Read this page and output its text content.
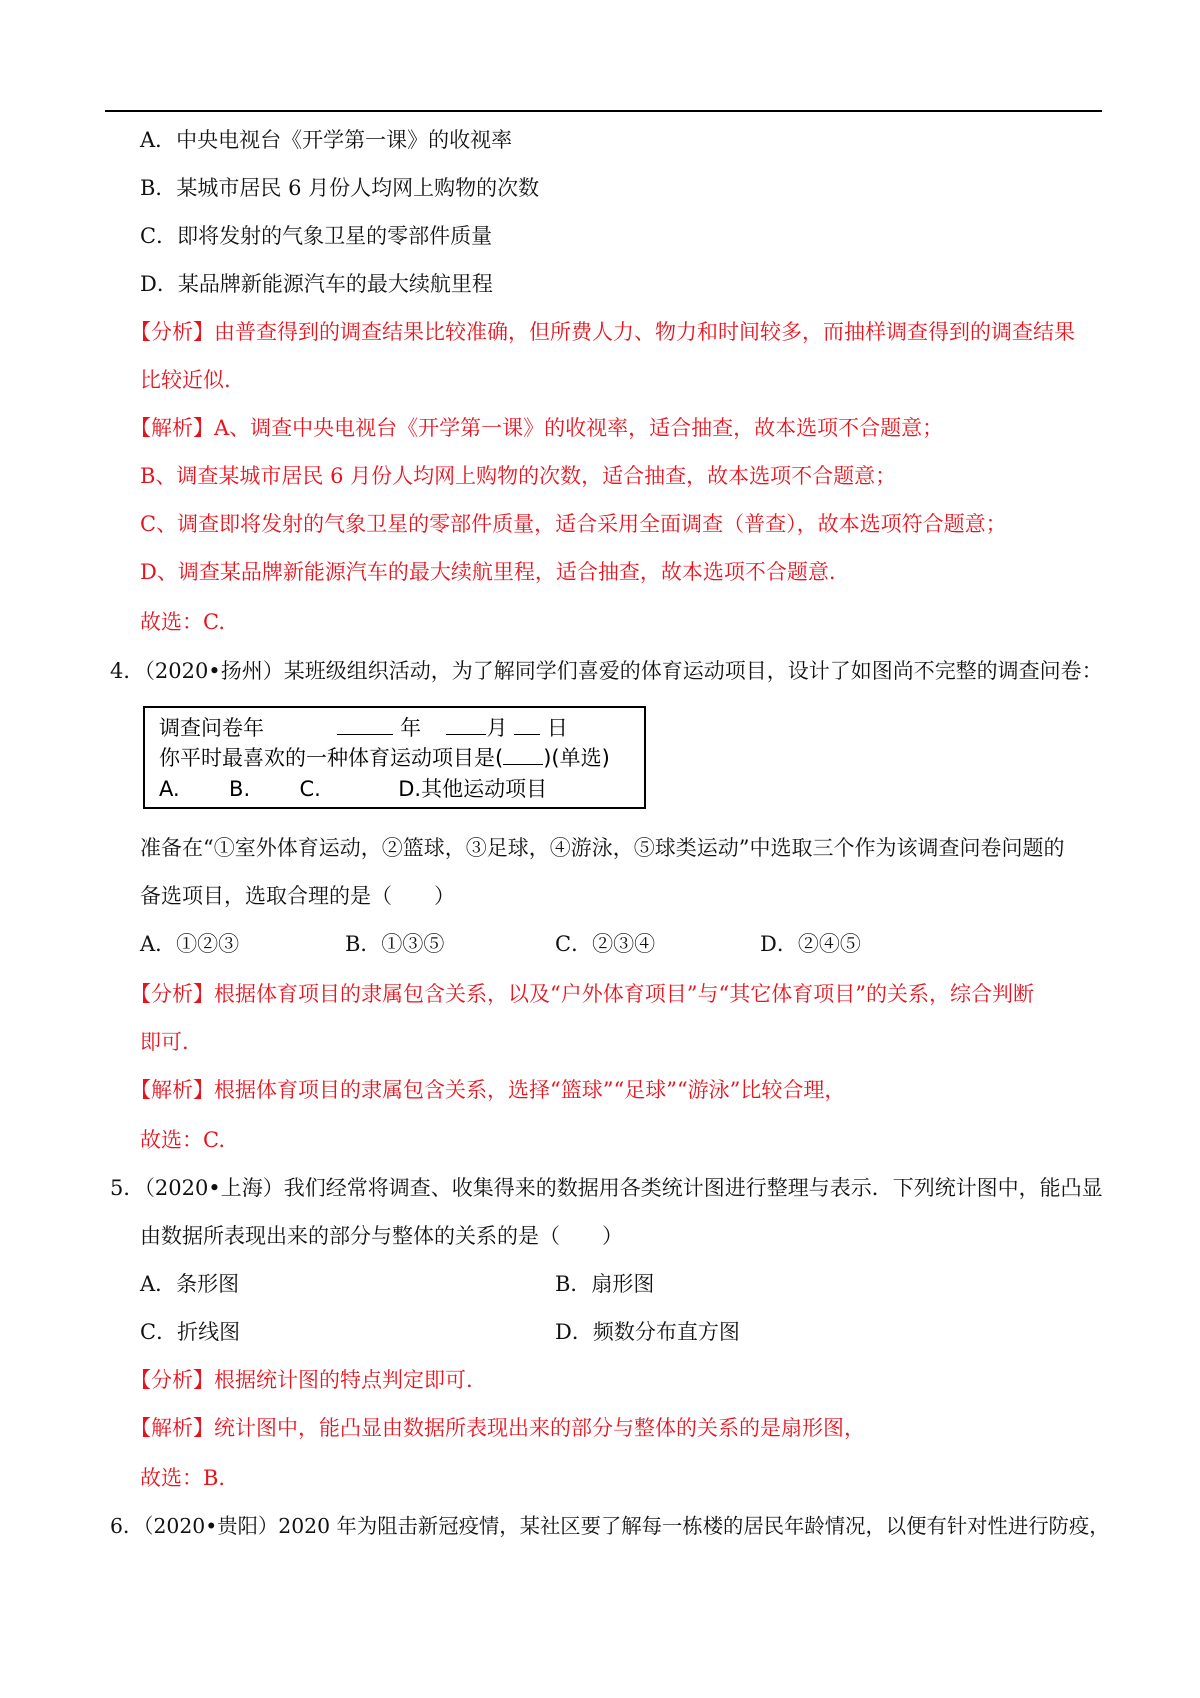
A．中央电视台《开学第一课》的收视率
B．某城市居民 6 月份人均网上购物的次数
C．即将发射的气象卫星的零部件质量
D．某品牌新能源汽车的最大续航里程
【分析】由普查得到的调查结果比较准确，但所费人力、物力和时间较多，而抽样调查得到的调查结果
比较近似.
【解析】A、调查中央电视台《开学第一课》的收视率，适合抽查，故本选项不合题意；
B、调查某城市居民 6 月份人均网上购物的次数，适合抽查，故本选项不合题意；
C、调查即将发射的气象卫星的零部件质量，适合采用全面调查（普查），故本选项符合题意；
D、调查某品牌新能源汽车的最大续航里程，适合抽查，故本选项不合题意.
故选：C.
4．（2020•扬州）某班级组织活动，为了解同学们喜爱的体育运动项目，设计了如图尚不完整的调查问卷：
调查问卷年	年	月 日
你平时最喜欢的一种体育运动项目是( )(单选)
A. B. C.	D.其他运动项目
准备在“①室外体育运动，②篮球，③足球，④游泳，⑤球类运动”中选取三个作为该调查问卷问题的
备选项目，选取合理的是（　　）
A．①②③	B．①③⑤	C．②③④	D．②④⑤
【分析】根据体育项目的隶属包含关系，以及“户外体育项目”与“其它体育项目”的关系，综合判断
即可.
【解析】根据体育项目的隶属包含关系，选择“篮球”“足球”“游泳”比较合理，
故选：C.
5．（2020•上海）我们经常将调查、收集得来的数据用各类统计图进行整理与表示．下列统计图中，能凸显
由数据所表现出来的部分与整体的关系的是（　　）
A．条形图	B．扇形图
C．折线图	D．频数分布直方图
【分析】根据统计图的特点判定即可.
【解析】统计图中，能凸显由数据所表现出来的部分与整体的关系的是扇形图，
故选：B.
6．（2020•贵阳）2020 年为阻击新冠疫情，某社区要了解每一栋楼的居民年龄情况，以便有针对性进行防疫，
